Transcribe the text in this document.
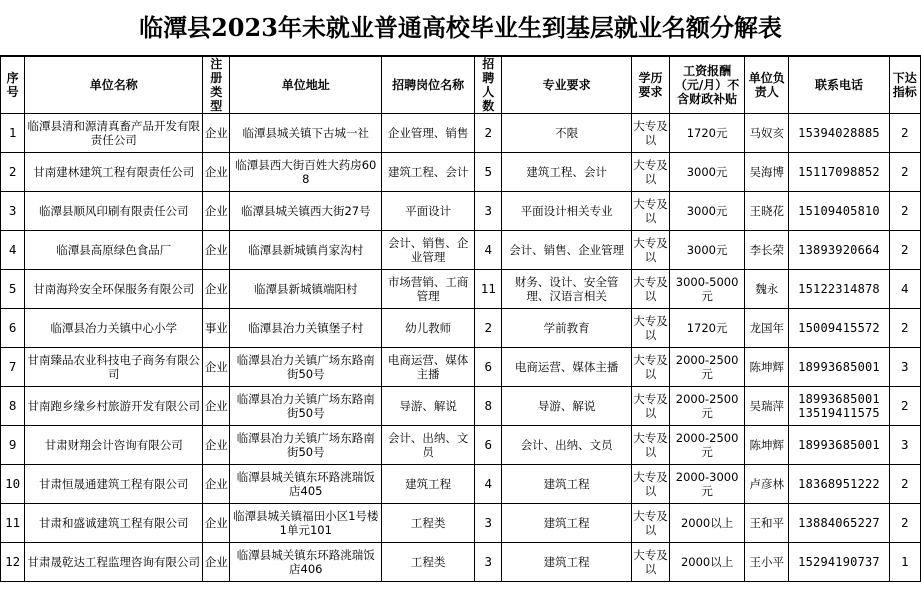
临潭县2023年未就业普通高校毕业生到基层就业名额分解表
序号	单位名称	注册类型	单位地址	招聘岗位名称	招聘人数	专业要求	学历要求	工资报酬（元/月）不含财政补贴	单位负责人	联系电话	下达指标
1	临潭县清和源清真畜产品开发有限责任公司	企业	临潭县城关镇下古城一社	企业管理、销售	2	不限	大专及以	1720元	马奴亥	15394028885	2
2	甘南建林建筑工程有限责任公司	企业	临潭县西大街百姓大药房608	建筑工程、会计	5	建筑工程、会计	大专及以	3000元	吴海博	15117098852	2
3	临潭县顺风印刷有限责任公司	企业	临潭县城关镇西大街27号	平面设计	3	平面设计相关专业	大专及以	3000元	王晓花	15109405810	2
4	临潭县高原绿色食品厂	企业	临潭县新城镇肖家沟村	会计、销售、企业管理	4	会计、销售、企业管理	大专及以	3000元	李长荣	13893920664	2
5	甘南海羚安全环保服务有限公司	企业	临潭县新城镇端阳村	市场营销、工商管理	11	财务、设计、安全管理、汉语言相关	大专及以	3000-5000元	魏永	15122314878	4
6	临潭县冶力关镇中心小学	事业	临潭县冶力关镇堡子村	幼儿教师	2	学前教育	大专及以	1720元	龙国年	15009415572	2
7	甘南臻品农业科技电子商务有限公司	企业	临潭县冶力关镇广场东路南街50号	电商运营、媒体主播	6	电商运营、媒体主播	大专及以	2000-2500元	陈坤辉	18993685001	3
8	甘南跑乡缘乡村旅游开发有限公司	企业	临潭县冶力关镇广场东路南街50号	导游、解说	8	导游、解说	大专及以	2000-2500元	吴瑞萍	18993685001 13519411575	2
9	甘肃财翔会计咨询有限公司	企业	临潭县冶力关镇广场东路南街50号	会计、出纳、文员	6	会计、出纳、文员	大专及以	2000-2500元	陈坤辉	18993685001	3
10	甘肃恒晟通建筑工程有限公司	企业	临潭县城关镇东环路洮瑞饭店405	建筑工程	4	建筑工程	大专及以	2000-3000元	卢彦林	18368951222	2
11	甘肃和盛诚建筑工程有限公司	企业	临潭县城关镇福田小区1号楼1单元101	工程类	3	建筑工程	大专及以	2000以上	王和平	13884065227	2
12	甘肃晟乾达工程监理咨询有限公司	企业	临潭县城关镇东环路洮瑞饭店406	工程类	3	建筑工程	大专及以	2000以上	王小平	15294190737	1
